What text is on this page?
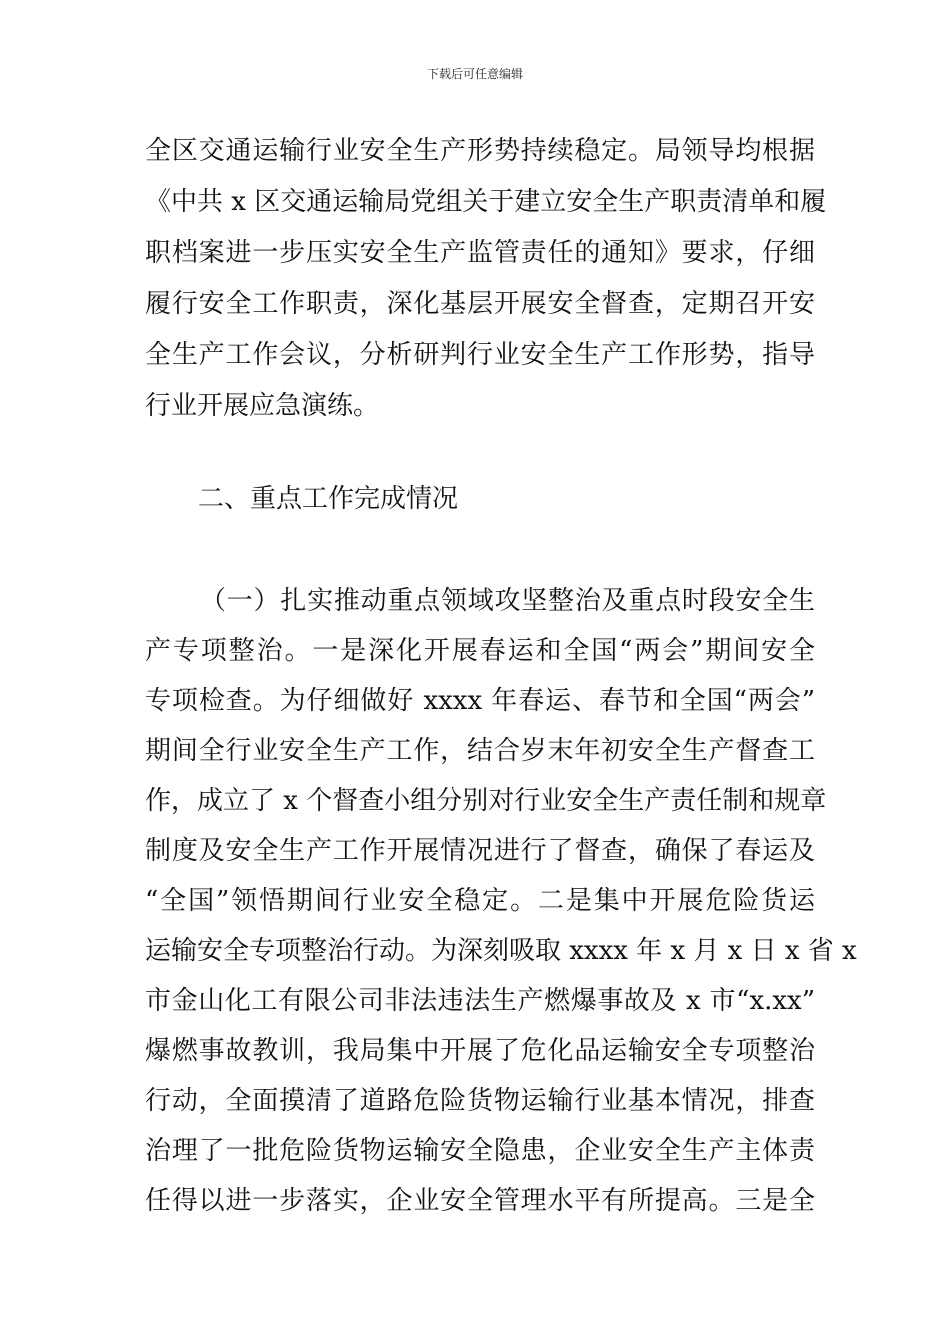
下载后可任意编辑
全区交通运输行业安全生产形势持续稳定。局领导均根据
《中共 x 区交通运输局党组关于建立安全生产职责清单和履
职档案进一步压实安全生产监管责任的通知》要求，仔细
履行安全工作职责，深化基层开展安全督查，定期召开安
全生产工作会议，分析研判行业安全生产工作形势，指导
行业开展应急演练。
二、重点工作完成情况
（一）扎实推动重点领域攻坚整治及重点时段安全生
产专项整治。一是深化开展春运和全国“两会”期间安全
专项检查。为仔细做好 xxxx 年春运、春节和全国“两会”
期间全行业安全生产工作，结合岁末年初安全生产督查工
作，成立了 x 个督查小组分别对行业安全生产责任制和规章
制度及安全生产工作开展情况进行了督查，确保了春运及
“全国”领悟期间行业安全稳定。二是集中开展危险货运
运输安全专项整治行动。为深刻吸取 xxxx 年 x 月 x 日 x 省 x
市金山化工有限公司非法违法生产燃爆事故及 x 市“x.xx”
爆燃事故教训，我局集中开展了危化品运输安全专项整治
行动，全面摸清了道路危险货物运输行业基本情况，排查
治理了一批危险货物运输安全隐患，企业安全生产主体责
任得以进一步落实，企业安全管理水平有所提高。三是全
